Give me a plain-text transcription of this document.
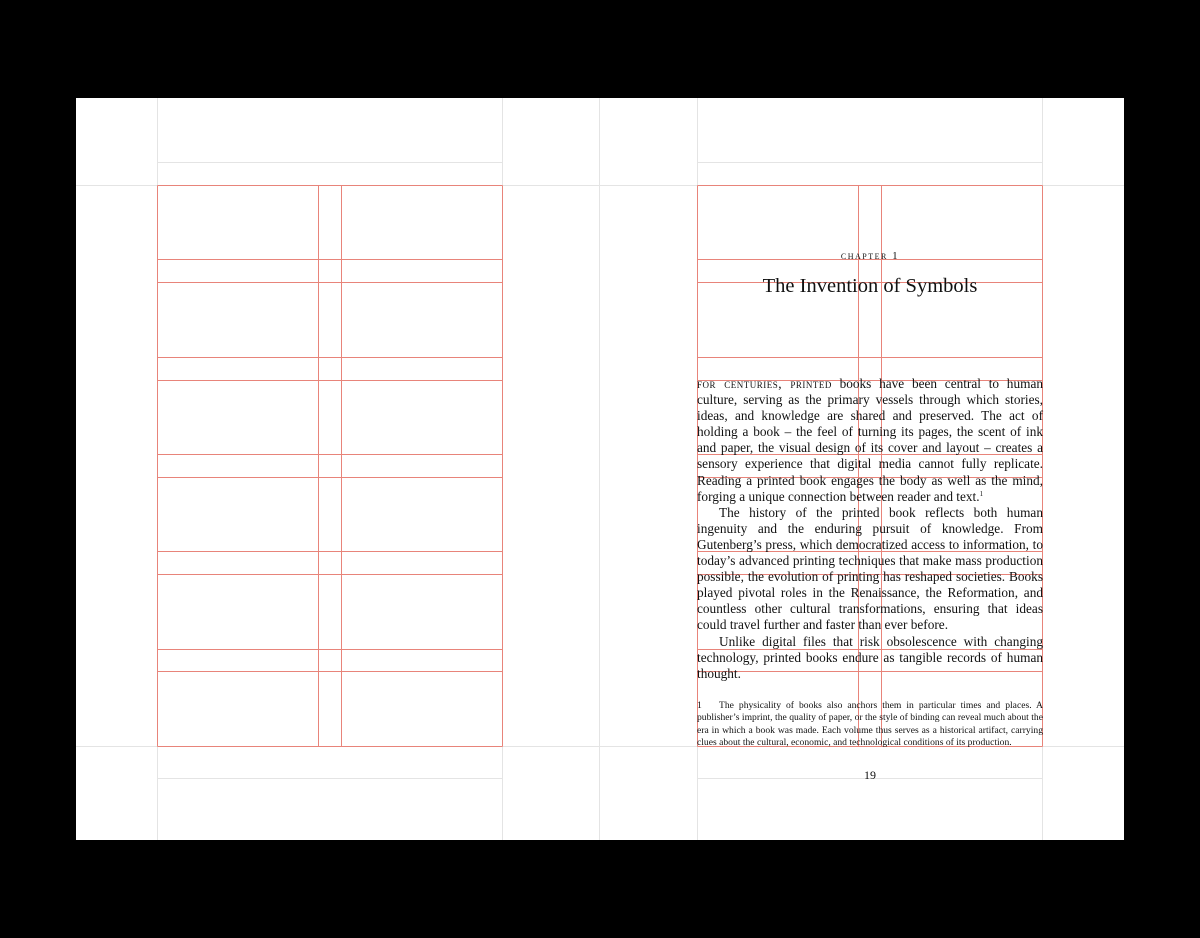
chapter 1
The Invention of Symbols

for centuries, printed books have been central to human culture, serving as the primary vessels through which stories, ideas, and knowledge are shared and preserved. The act of holding a book – the feel of turning its pages, the scent of ink and paper, the visual design of its cover and layout – creates a sensory experience that digital media cannot fully replicate. Reading a printed book engages the body as well as the mind, forging a unique connection between reader and text.$^1$

The history of the printed book reflects both human ingenuity and the enduring pursuit of knowledge. From Gutenberg’s press, which democratized access to information, to today’s advanced printing techniques that make mass production possible, the evolution of printing has reshaped societies. Books played pivotal roles in the Renaissance, the Reformation, and countless other cultural transformations, ensuring that ideas could travel further and faster than ever before.

Unlike digital files that risk obsolescence with changing technology, printed books endure as tangible records of human thought.

1 The physicality of books also anchors them in particular times and places. A publisher’s imprint, the quality of paper, or the style of binding can reveal much about the era in which a book was made. Each volume thus serves as a historical artifact, carrying clues about the cultural, economic, and technological conditions of its production.
19
